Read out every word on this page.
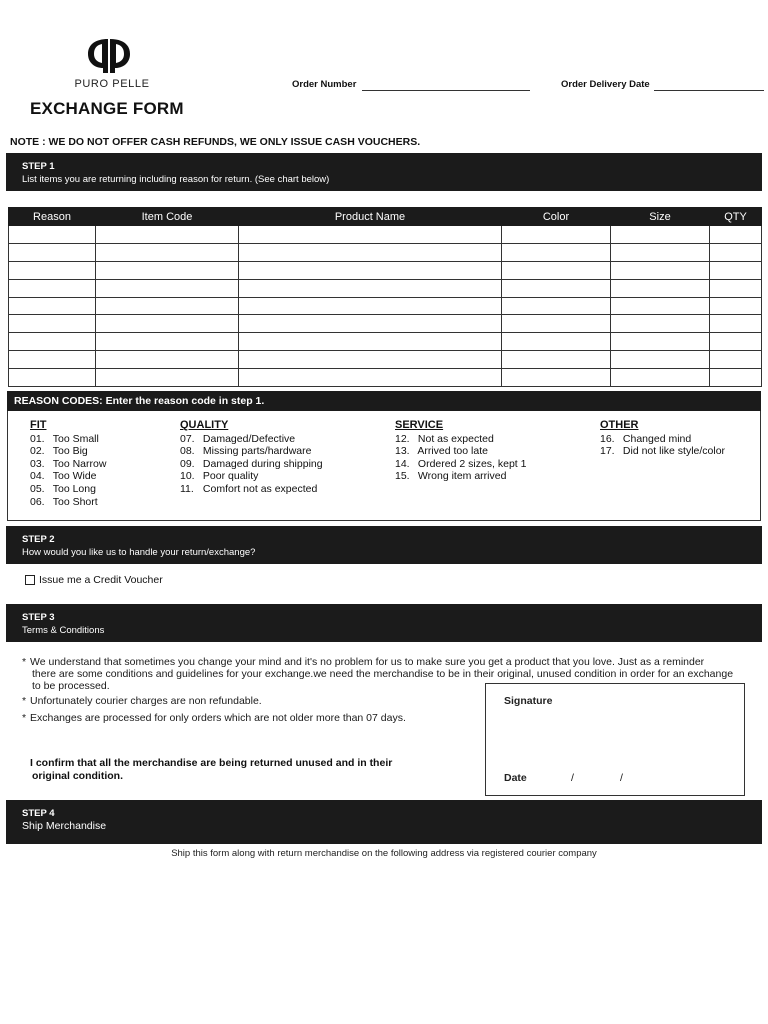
PURO PELLE
EXCHANGE FORM
Order Number	Order Delivery Date
NOTE : WE DO NOT OFFER CASH REFUNDS, WE ONLY ISSUE CASH VOUCHERS.
STEP 1
List items you are returning including reason for return. (See chart below)
Reason	Item Code	Product Name	Color	Size	QTY

REASON CODES: Enter the reason code in step 1.
FIT
01. Too Small
02. Too Big
03. Too Narrow
04. Too Wide
05. Too Long
06. Too Short
QUALITY
07. Damaged/Defective
08. Missing parts/hardware
09. Damaged during shipping
10. Poor quality
11. Comfort not as expected
SERVICE
12. Not as expected
13. Arrived too late
14. Ordered 2 sizes, kept 1
15. Wrong item arrived
OTHER
16. Changed mind
17. Did not like style/color
STEP 2
How would you like us to handle your return/exchange?
Issue me a Credit Voucher
STEP 3
Terms & Conditions
* We understand that sometimes you change your mind and it's no problem for us to make sure you get a product that you love. Just as a reminder
there are some conditions and guidelines for your exchange.we need the merchandise to be in their original, unused condition in order for an exchange
to be processed.
* Unfortunately courier charges are non refundable.
* Exchanges are processed for only orders which are not older more than 07 days.
I confirm that all the merchandise are being returned unused and in their
original condition.
Signature
Date	/	/
STEP 4
Ship Merchandise
Ship this form along with return merchandise on the following address via registered courier company
